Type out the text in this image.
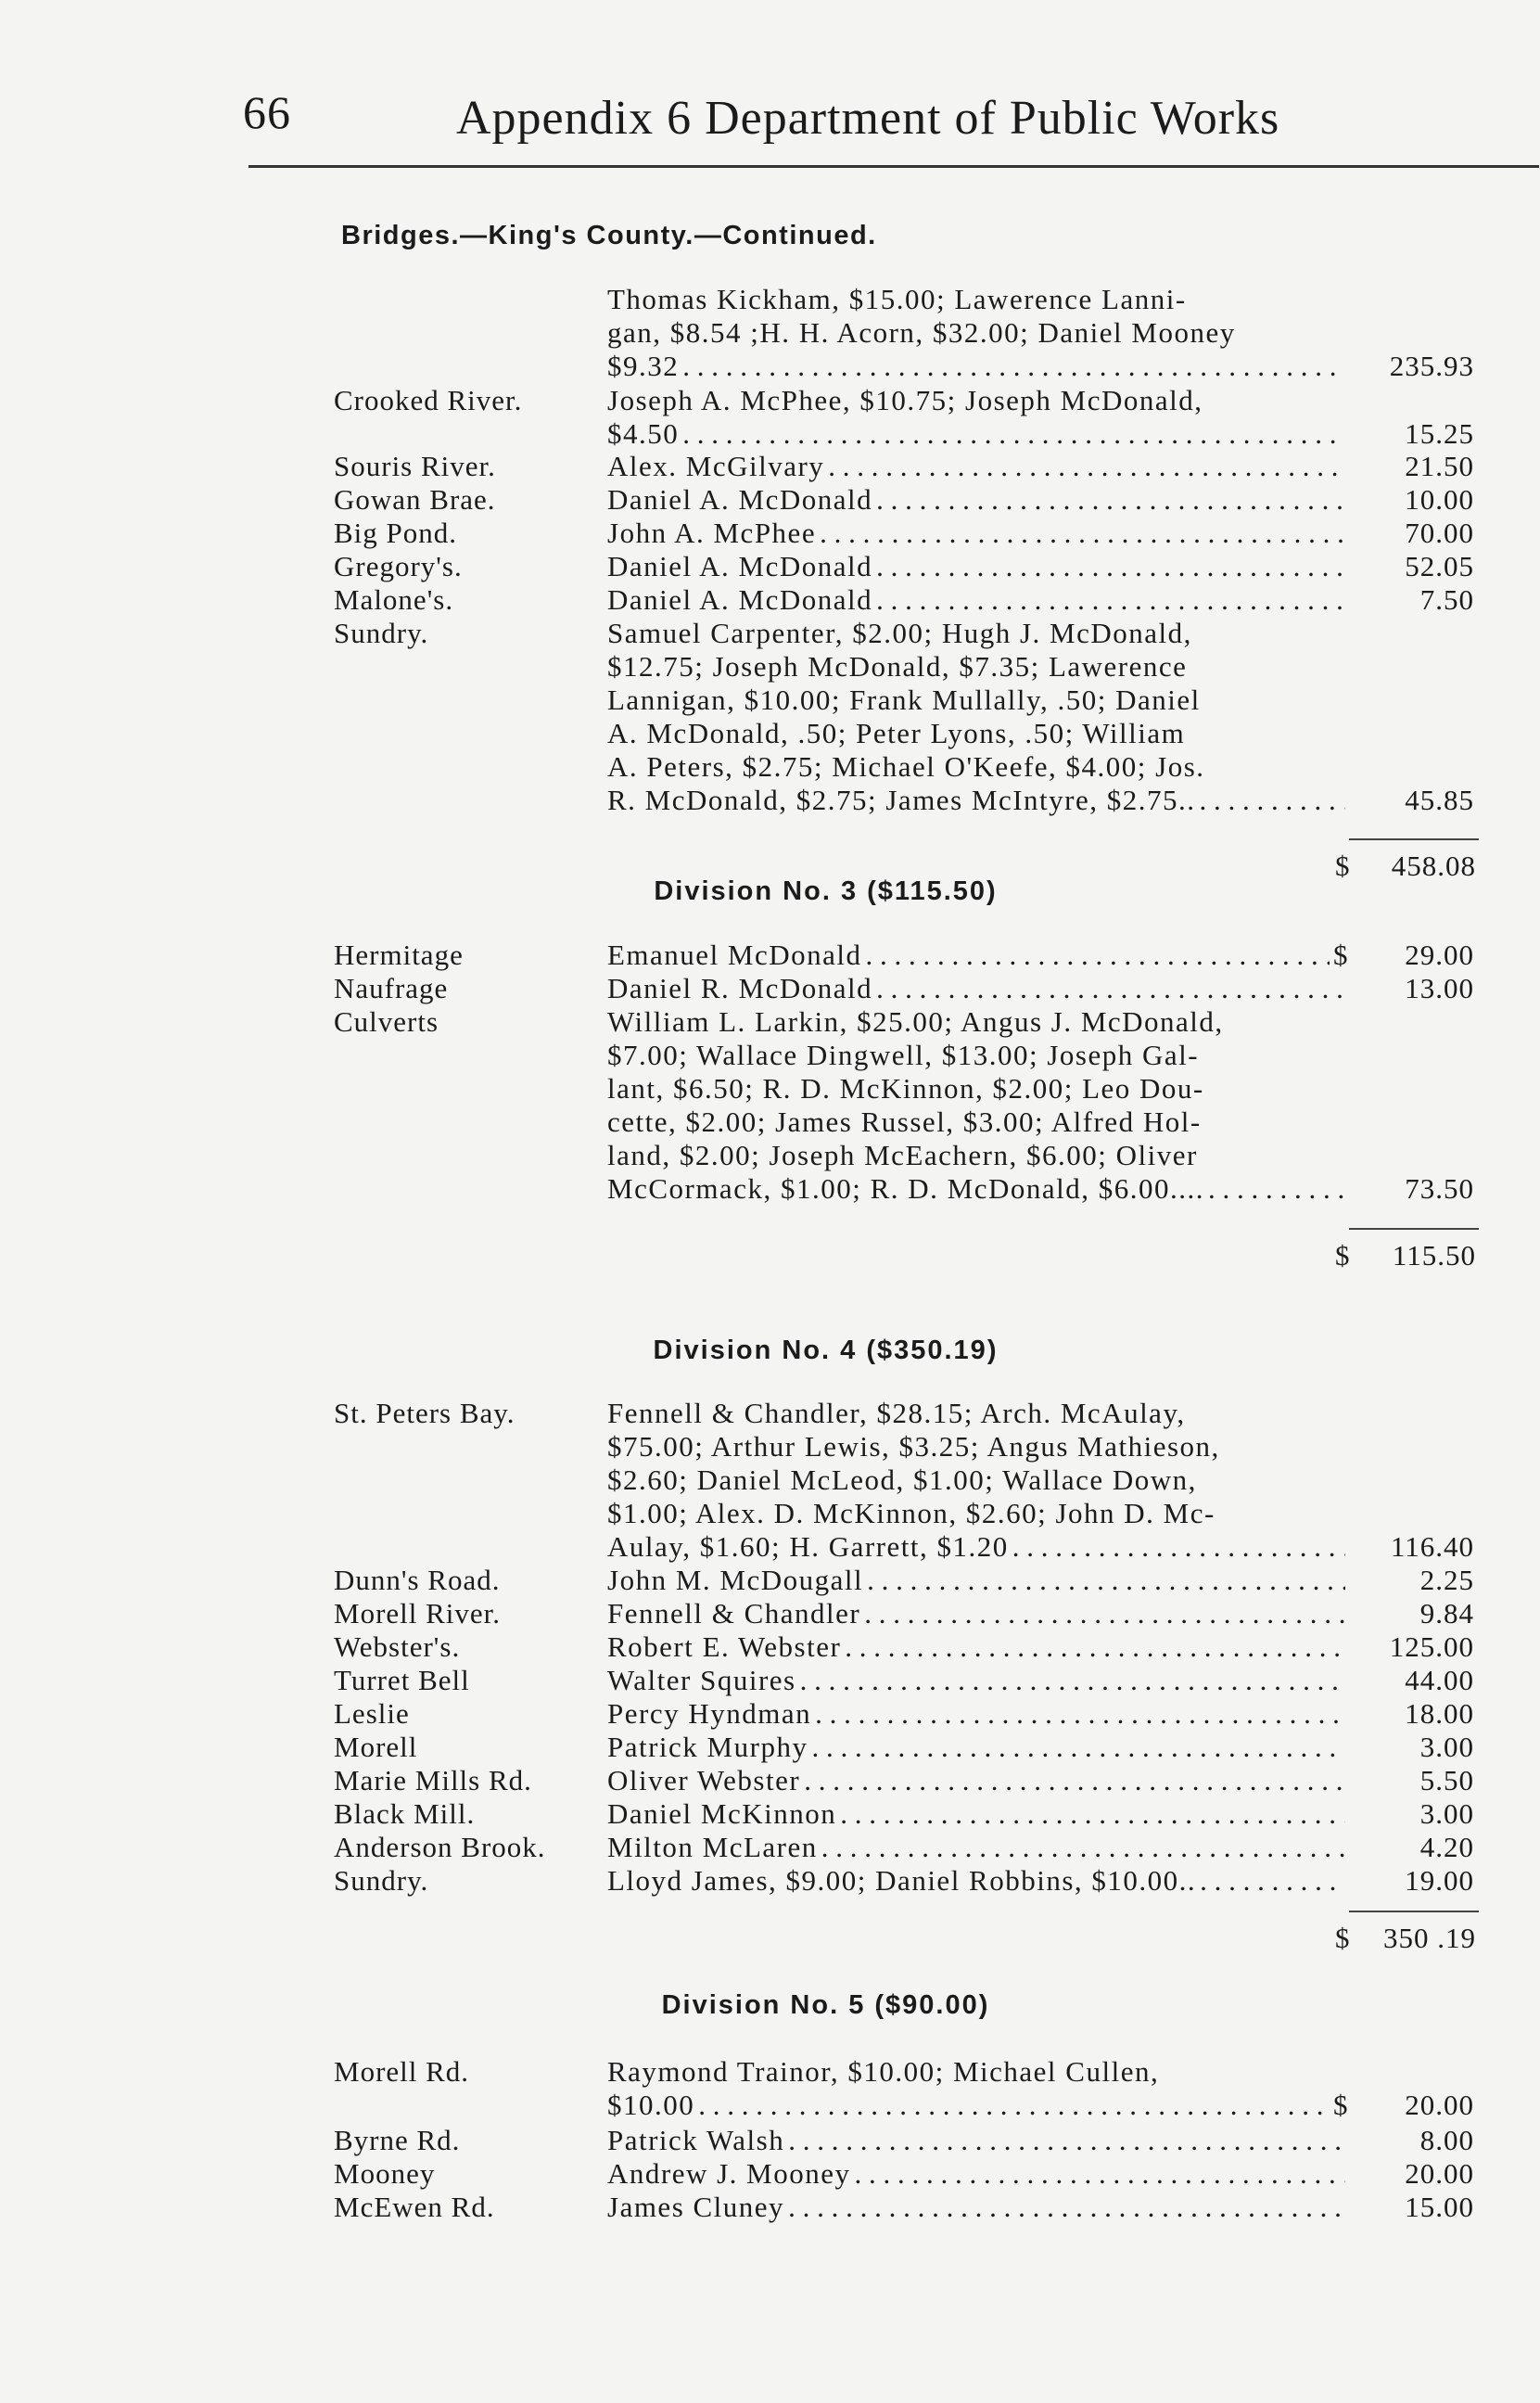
66	Appendix 6 Department of Public Works
Bridges.—King's County.—Continued.
Thomas Kickham, $15.00; Lawerence Lanni-
gan, $8.54 ;H. H. Acorn, $32.00; Daniel Mooney
$9.32 . . .	235.93
Crooked River.	Joseph A. McPhee, $10.75; Joseph McDonald,
$4.50 . . .	15.25
Souris River.	Alex. McGilvary . . .	21.50
Gowan Brae.	Daniel A. McDonald . . .	10.00
Big Pond.	John A. McPhee . . .	70.00
Gregory's.	Daniel A. McDonald . . .	52.05
Malone's.	Daniel A. McDonald . . .	7.50
Sundry.	Samuel Carpenter, $2.00; Hugh J. McDonald,
$12.75; Joseph McDonald, $7.35; Lawerence
Lannigan, $10.00; Frank Mullally, .50; Daniel
A. McDonald, .50; Peter Lyons, .50; William
A. Peters, $2.75; Michael O'Keefe, $4.00; Jos.
R. McDonald, $2.75; James McIntyre, $2.75.. . . .	45.85
$ 458.08
Division No. 3 ($115.50)
Hermitage	Emanuel McDonald . . .	$	29.00
Naufrage	Daniel R. McDonald . . .	13.00
Culverts	William L. Larkin, $25.00; Angus J. McDonald,
$7.00; Wallace Dingwell, $13.00; Joseph Gal-
lant, $6.50; R. D. McKinnon, $2.00; Leo Dou-
cette, $2.00; James Russel, $3.00; Alfred Hol-
land, $2.00; Joseph McEachern, $6.00; Oliver
McCormack, $1.00; R. D. McDonald, $6.00.... . . .	73.50
$ 115.50
Division No. 4 ($350.19)
St. Peters Bay.	Fennell & Chandler, $28.15; Arch. McAulay,
$75.00; Arthur Lewis, $3.25; Angus Mathieson,
$2.60; Daniel McLeod, $1.00; Wallace Down,
$1.00; Alex. D. McKinnon, $2.60; John D. Mc-
Aulay, $1.60; H. Garrett, $1.20 . . .	116.40
Dunn's Road.	John M. McDougall . . .	2.25
Morell River.	Fennell & Chandler . . .	9.84
Webster's.	Robert E. Webster . . .	125.00
Turret Bell	Walter Squires . . .	44.00
Leslie	Percy Hyndman . . .	18.00
Morell	Patrick Murphy . . .	3.00
Marie Mills Rd.	Oliver Webster . . .	5.50
Black Mill.	Daniel McKinnon . . .	3.00
Anderson Brook. Milton McLaren . . .	4.20
Sundry.	Lloyd James, $9.00; Daniel Robbins, $10.00.. . . .	19.00
$ 350 .19
Division No. 5 ($90.00)
Morell Rd.	Raymond Trainor, $10.00; Michael Cullen,
$10.00 . . .	$	20.00
Byrne Rd.	Patrick Walsh . . .	8.00
Mooney	Andrew J. Mooney . . .	20.00
McEwen Rd.	James Cluney . . .	15.00
